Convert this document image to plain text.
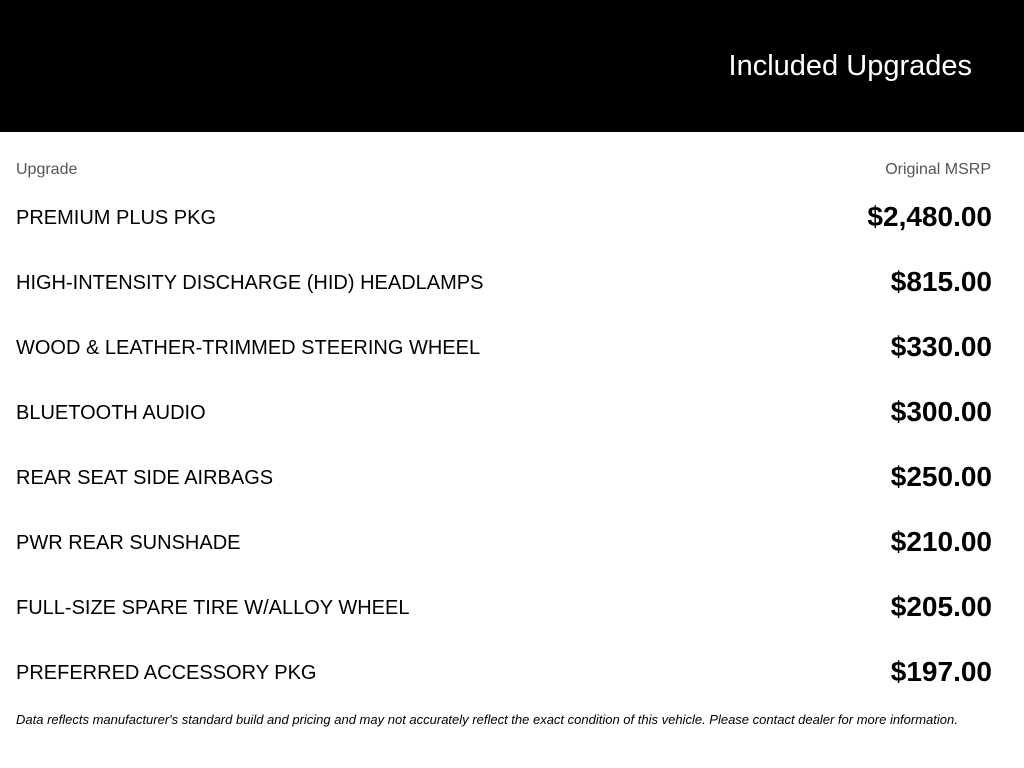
Included Upgrades
Upgrade	Original MSRP
PREMIUM PLUS PKG	$2,480.00
HIGH-INTENSITY DISCHARGE (HID) HEADLAMPS	$815.00
WOOD & LEATHER-TRIMMED STEERING WHEEL	$330.00
BLUETOOTH AUDIO	$300.00
REAR SEAT SIDE AIRBAGS	$250.00
PWR REAR SUNSHADE	$210.00
FULL-SIZE SPARE TIRE W/ALLOY WHEEL	$205.00
PREFERRED ACCESSORY PKG	$197.00
Data reflects manufacturer's standard build and pricing and may not accurately reflect the exact condition of this vehicle. Please contact dealer for more information.
